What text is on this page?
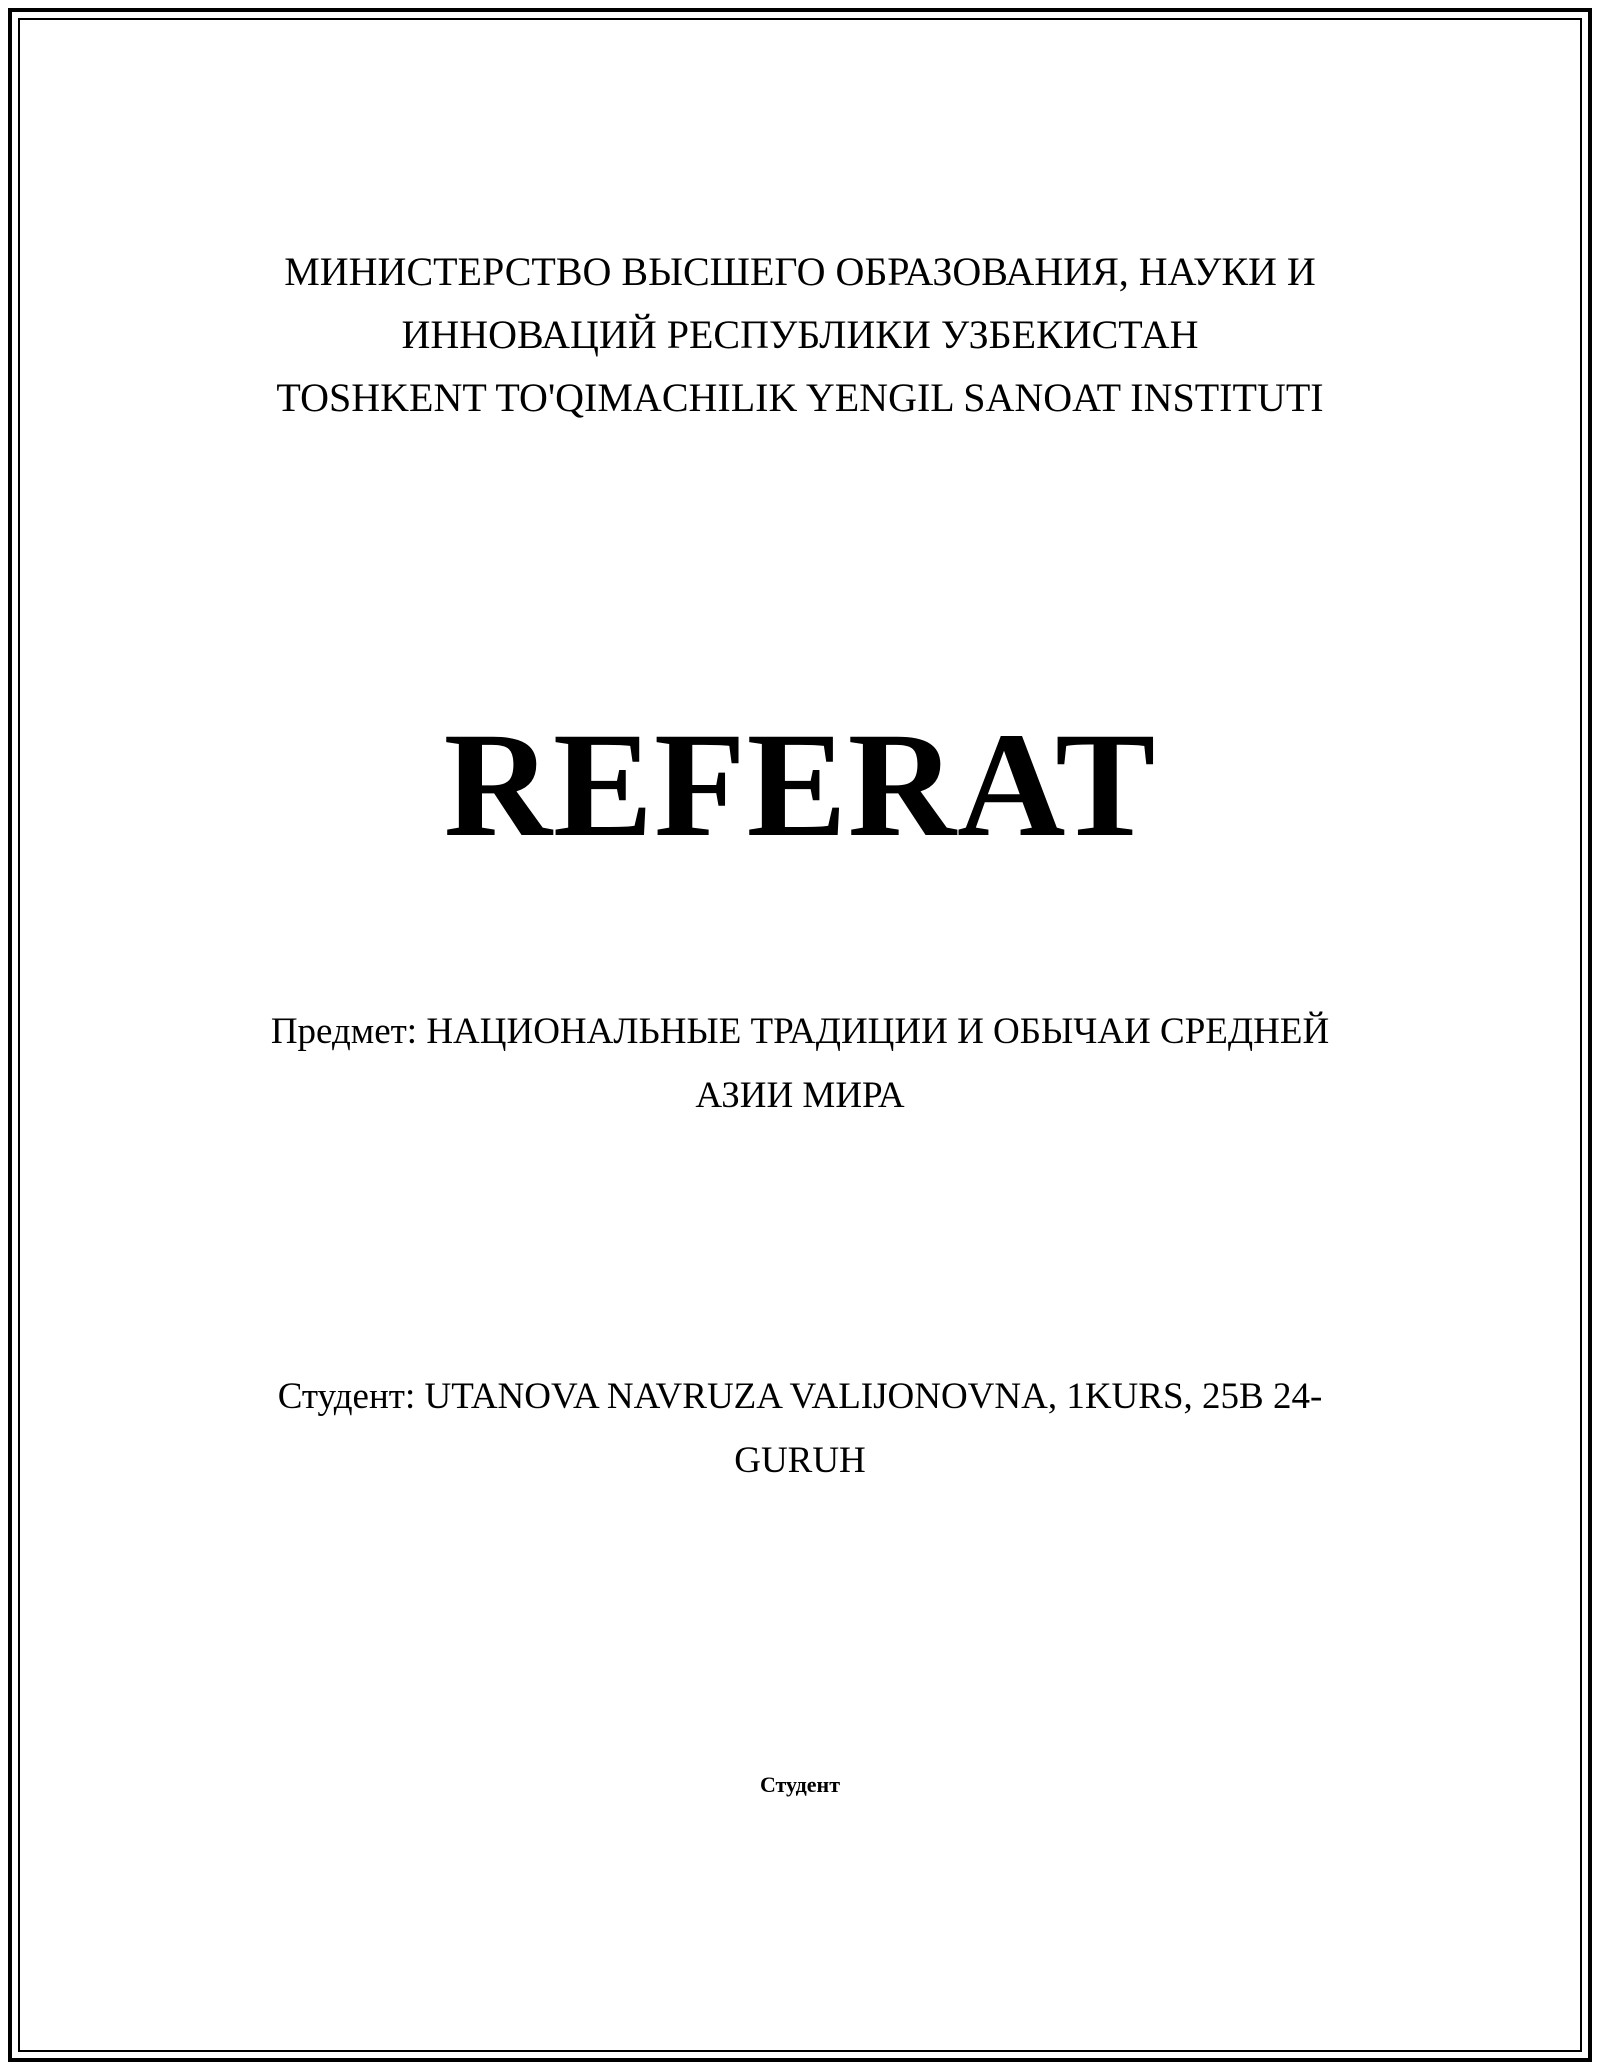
МИНИСТЕРСТВО ВЫСШЕГО ОБРАЗОВАНИЯ, НАУКИ И
ИННОВАЦИЙ РЕСПУБЛИКИ УЗБЕКИСТАН
TOSHKENT TO'QIMACHILIK YENGIL SANOAT INSTITUTI
REFERAT
Предмет: НАЦИОНАЛЬНЫЕ ТРАДИЦИИ И ОБЫЧАИ СРЕДНЕЙ
АЗИИ МИРА
Студент: UTANOVA NAVRUZA VALIJONOVNA, 1KURS, 25B 24-
GURUH
Студент
